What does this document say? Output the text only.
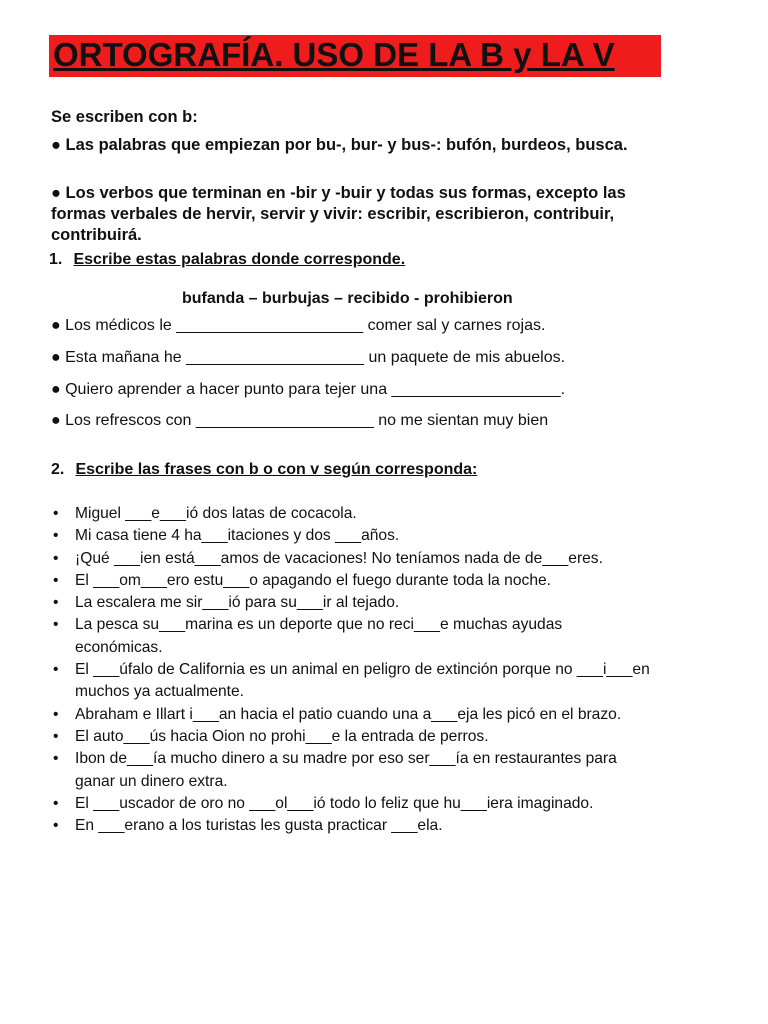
ORTOGRAFÍA. USO DE LA B y LA V
Se escriben con b:
● Las palabras que empiezan por bu-, bur- y bus-: bufón, burdeos, busca.
● Los verbos que terminan en -bir y -buir y todas sus formas, excepto las formas verbales de hervir, servir y vivir: escribir, escribieron, contribuir, contribuirá.
1. Escribe estas palabras donde corresponde.
bufanda – burbujas – recibido - prohibieron
● Los médicos le _____________________ comer sal y carnes rojas.
● Esta mañana he ____________________ un paquete de mis abuelos.
● Quiero aprender a hacer punto para tejer una ___________________.
● Los refrescos con ____________________ no me sientan muy bien
2. Escribe las frases con b o con v según corresponda:
• Miguel ___e___ió dos latas de cocacola.
• Mi casa tiene 4 ha___itaciones y dos ___años.
• ¡Qué ___ien está___amos de vacaciones! No teníamos nada de de___eres.
• El ___om___ero estu___o apagando el fuego durante toda la noche.
• La escalera me sir___ió para su___ir al tejado.
• La pesca su___marina es un deporte que no reci___e muchas ayudas económicas.
• El ___úfalo de California es un animal en peligro de extinción porque no ___i___en muchos ya actualmente.
• Abraham e Illart i___an hacia el patio cuando una a___eja les picó en el brazo.
• El auto___ús hacia Oion no prohi___e la entrada de perros.
• Ibon de___ía mucho dinero a su madre por eso ser___ía en restaurantes para ganar un dinero extra.
• El ___uscador de oro no ___ol___ió todo lo feliz que hu___iera imaginado.
• En ___erano a los turistas les gusta practicar ___ela.
